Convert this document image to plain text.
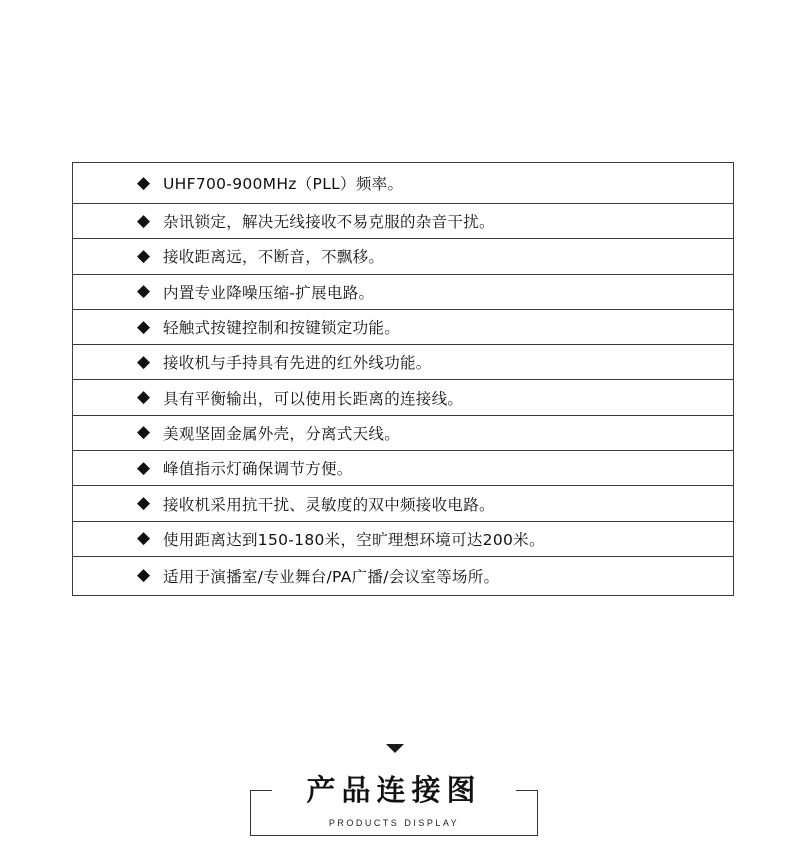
◆ UHF700-900MHz（PLL）频率。
◆ 杂讯锁定，解决无线接收不易克服的杂音干扰。
◆ 接收距离远，不断音，不飘移。
◆ 内置专业降噪压缩-扩展电路。
◆ 轻触式按键控制和按键锁定功能。
◆ 接收机与手持具有先进的红外线功能。
◆ 具有平衡输出，可以使用长距离的连接线。
◆ 美观坚固金属外壳，分离式天线。
◆ 峰值指示灯确保调节方便。
◆ 接收机采用抗干扰、灵敏度的双中频接收电路。
◆ 使用距离达到150-180米，空旷理想环境可达200米。
◆ 适用于演播室/专业舞台/PA广播/会议室等场所。
产品连接图
PRODUCTS DISPLAY
